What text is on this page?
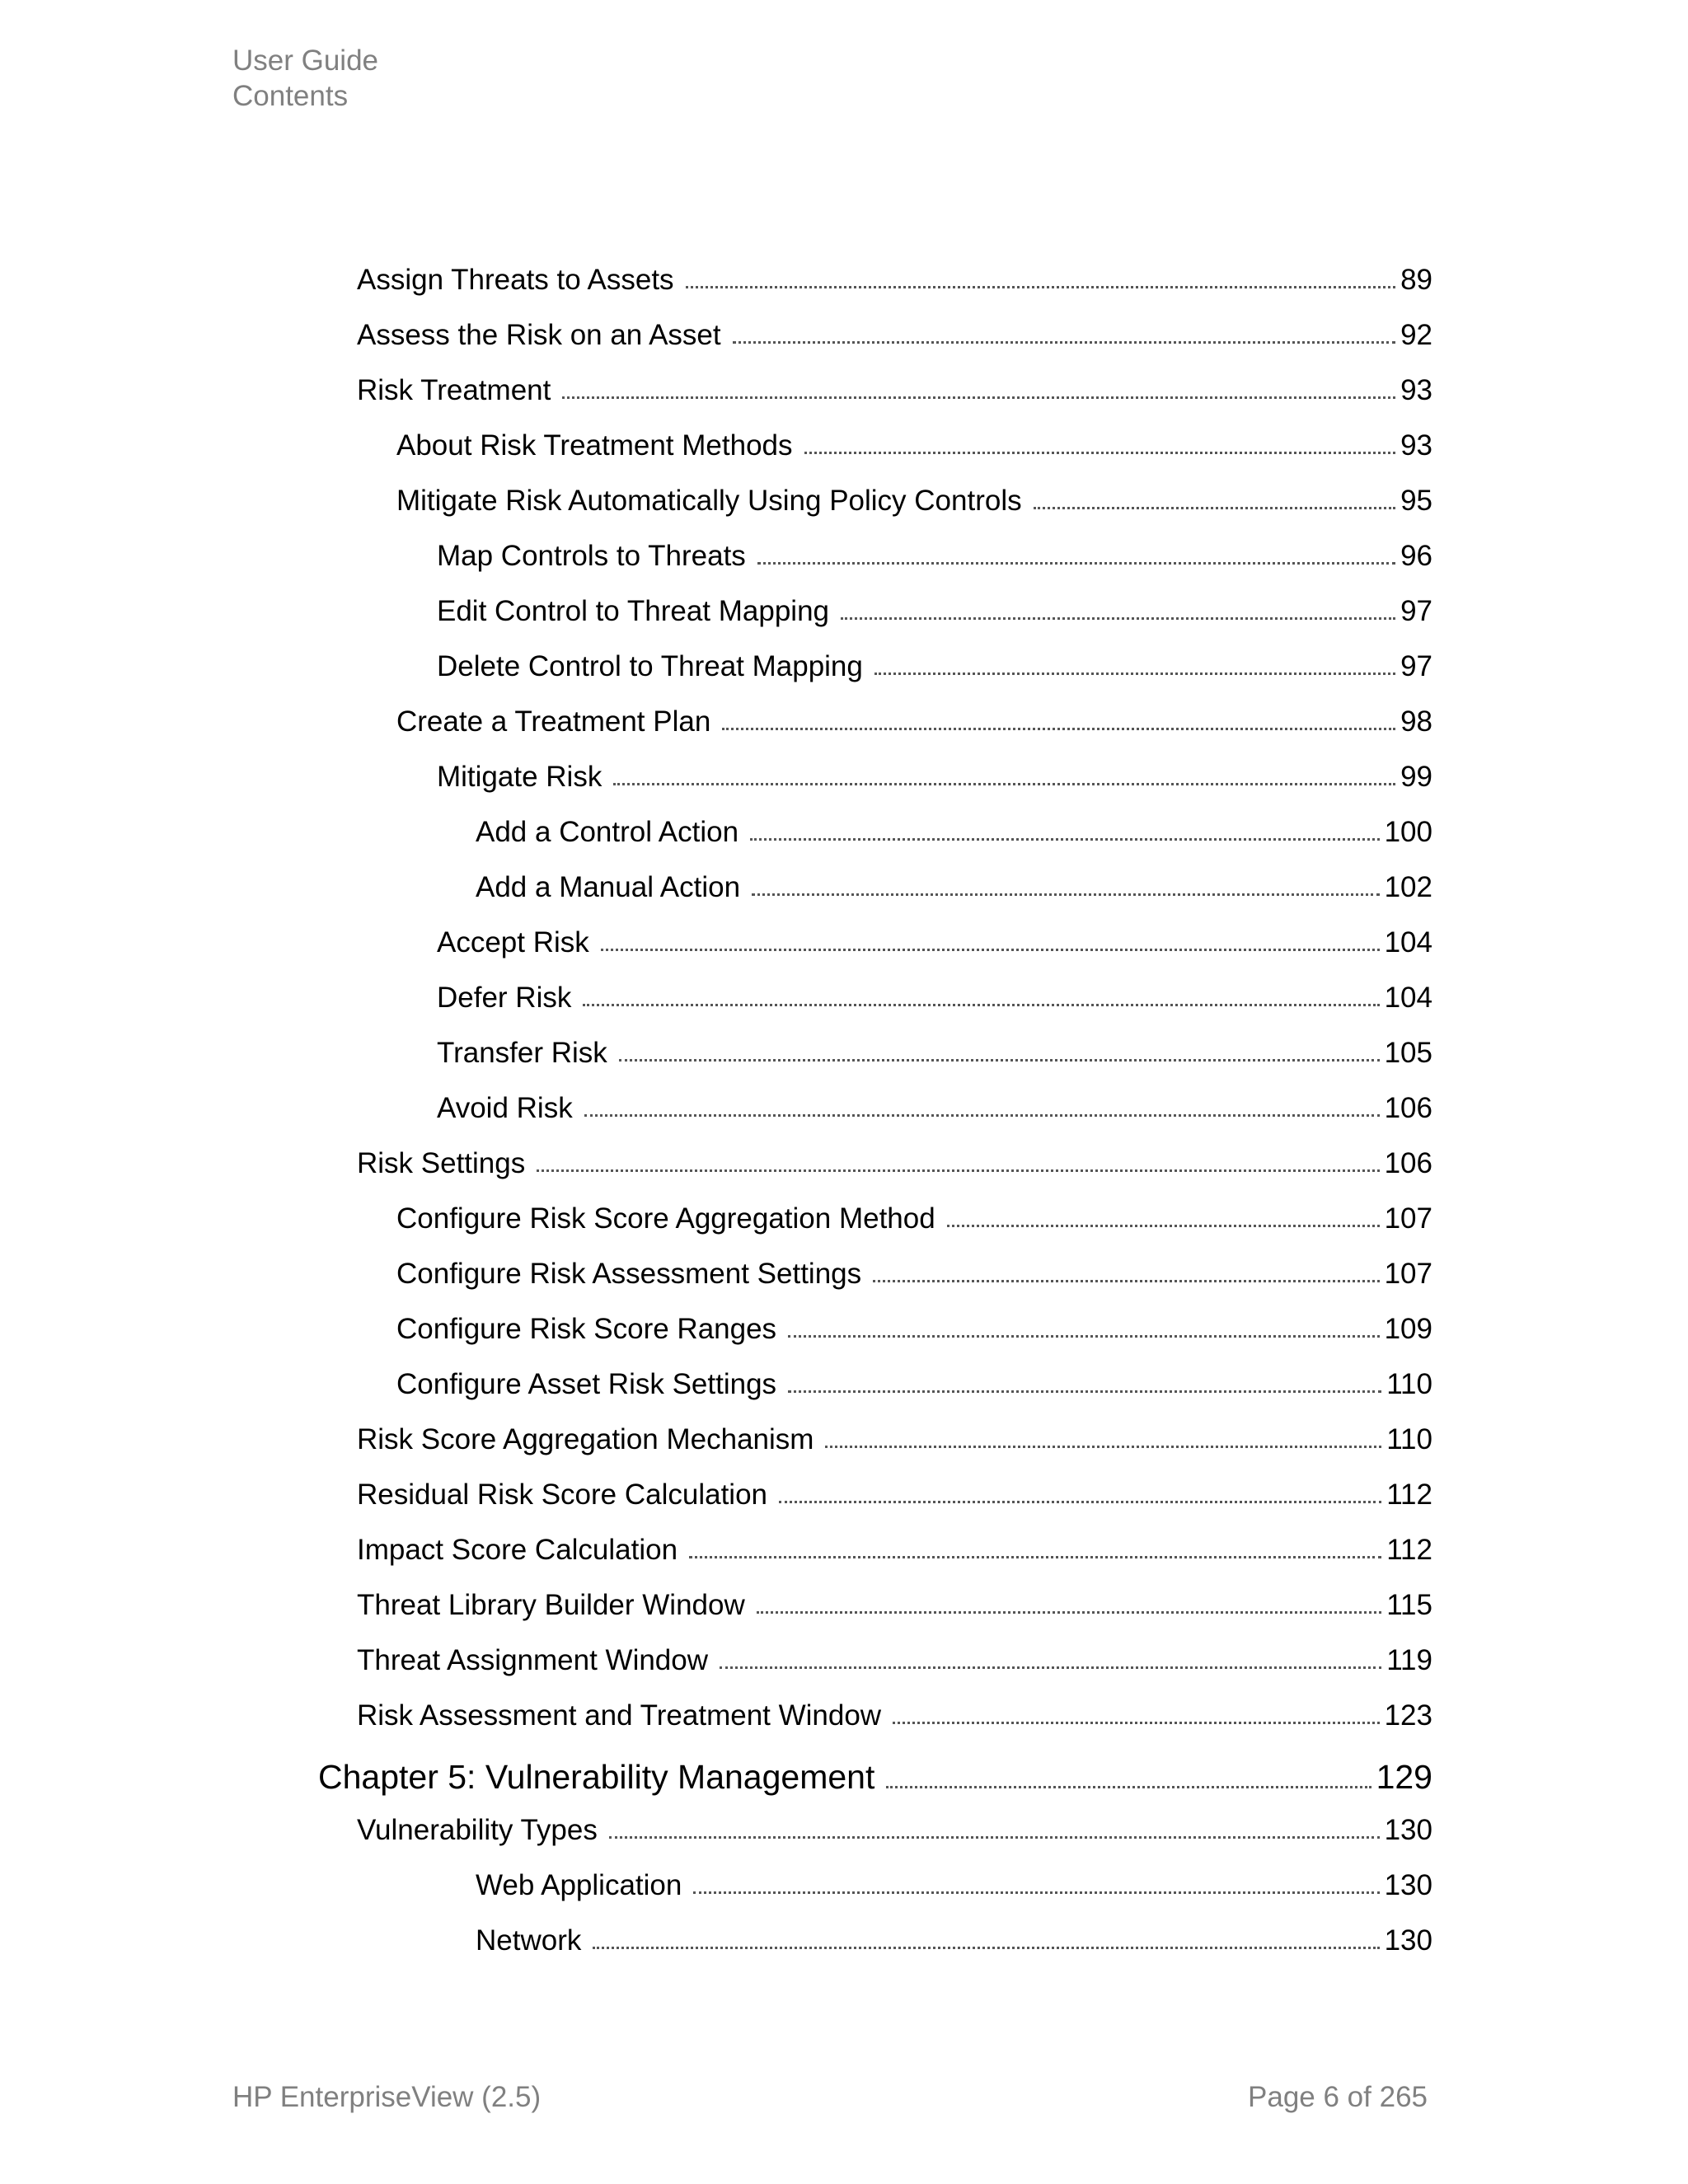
User Guide
Contents
Assign Threats to Assets	89
Assess the Risk on an Asset	92
Risk Treatment	93
About Risk Treatment Methods	93
Mitigate Risk Automatically Using Policy Controls	95
Map Controls to Threats	96
Edit Control to Threat Mapping	97
Delete Control to Threat Mapping	97
Create a Treatment Plan	98
Mitigate Risk	99
Add a Control Action	100
Add a Manual Action	102
Accept Risk	104
Defer Risk	104
Transfer Risk	105
Avoid Risk	106
Risk Settings	106
Configure Risk Score Aggregation Method	107
Configure Risk Assessment Settings	107
Configure Risk Score Ranges	109
Configure Asset Risk Settings	110
Risk Score Aggregation Mechanism	110
Residual Risk Score Calculation	112
Impact Score Calculation	112
Threat Library Builder Window	115
Threat Assignment Window	119
Risk Assessment and Treatment Window	123
Chapter 5: Vulnerability Management	129
Vulnerability Types	130
Web Application	130
Network	130
HP EnterpriseView (2.5)	Page 6 of 265
